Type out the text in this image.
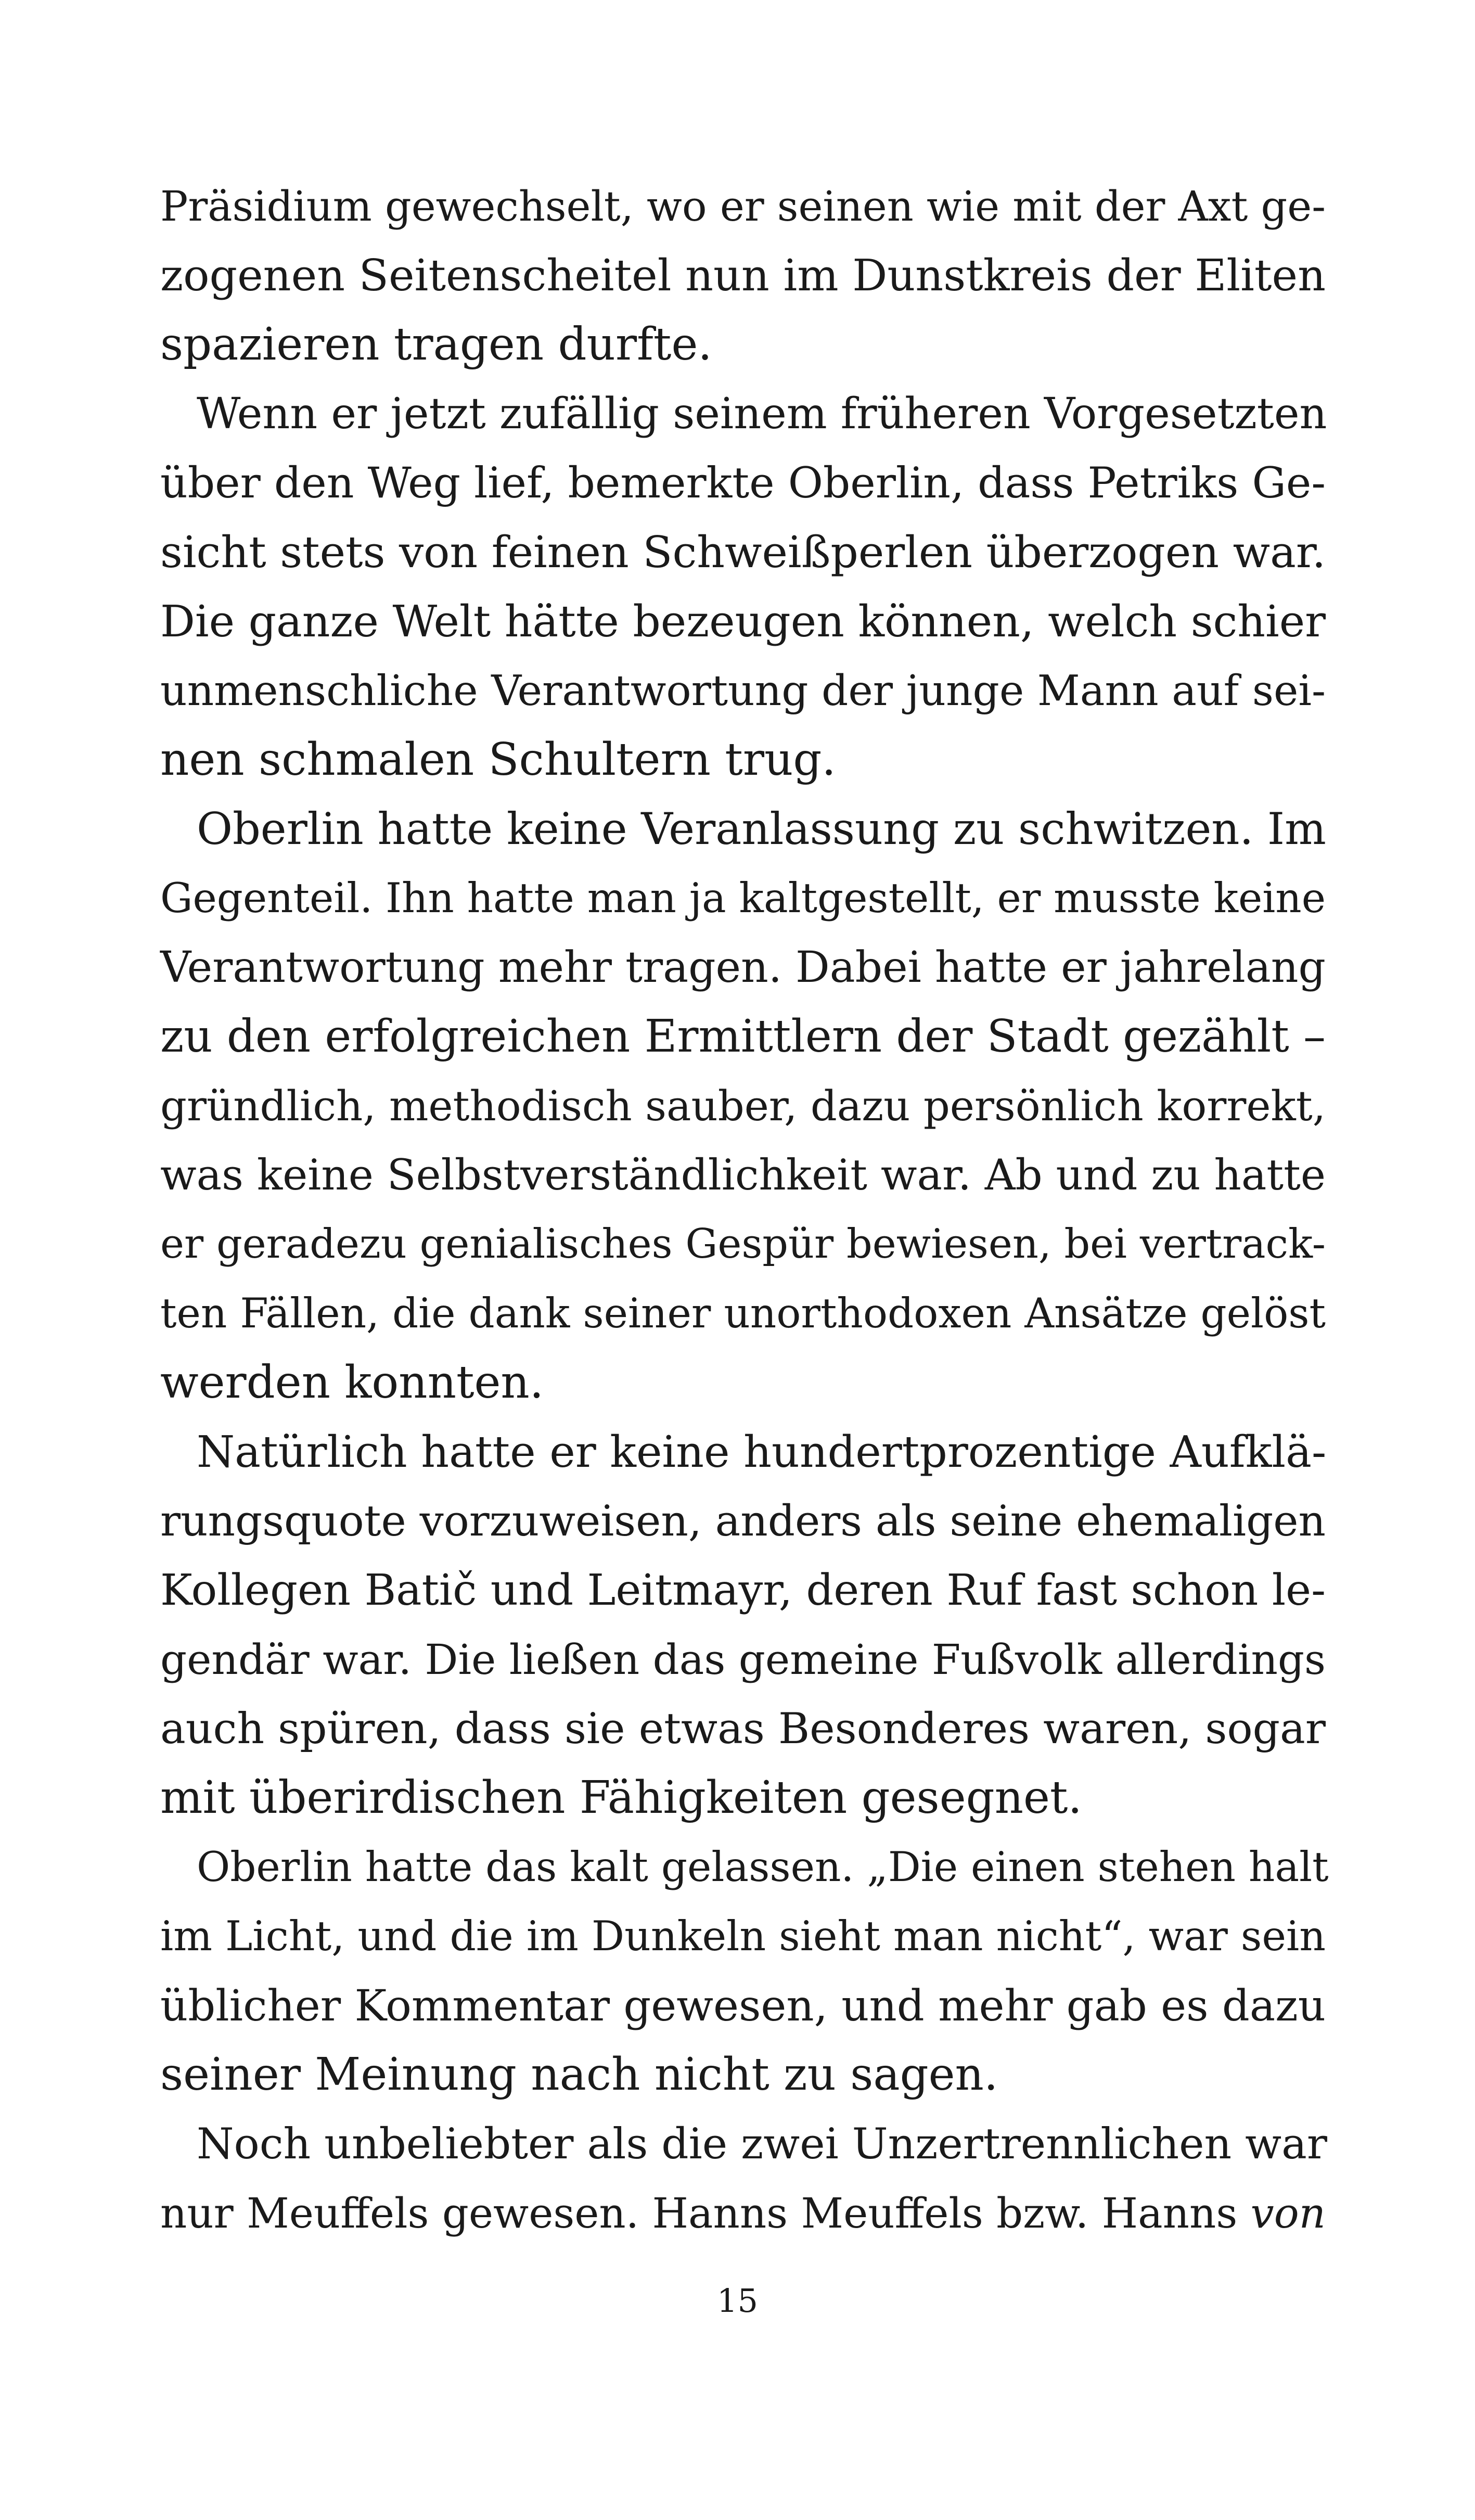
Präsidium gewechselt, wo er seinen wie mit der Axt ge-
zogenen Seitenscheitel nun im Dunstkreis der Eliten
spazieren tragen durfte.
Wenn er jetzt zufällig seinem früheren Vorgesetzten
über den Weg lief, bemerkte Oberlin, dass Petriks Ge-
sicht stets von feinen Schweißperlen überzogen war.
Die ganze Welt hätte bezeugen können, welch schier
unmenschliche Verantwortung der junge Mann auf sei-
nen schmalen Schultern trug.
Oberlin hatte keine Veranlassung zu schwitzen. Im
Gegenteil. Ihn hatte man ja kaltgestellt, er musste keine
Verantwortung mehr tragen. Dabei hatte er jahrelang
zu den erfolgreichen Ermittlern der Stadt gezählt –
gründlich, methodisch sauber, dazu persönlich korrekt,
was keine Selbstverständlichkeit war. Ab und zu hatte
er geradezu genialisches Gespür bewiesen, bei vertrack-
ten Fällen, die dank seiner unorthodoxen Ansätze gelöst
werden konnten.
Natürlich hatte er keine hundertprozentige Aufklä-
rungsquote vorzuweisen, anders als seine ehemaligen
Kollegen Batič und Leitmayr, deren Ruf fast schon le-
gendär war. Die ließen das gemeine Fußvolk allerdings
auch spüren, dass sie etwas Besonderes waren, sogar
mit überirdischen Fähigkeiten gesegnet.
Oberlin hatte das kalt gelassen. „Die einen stehen halt
im Licht, und die im Dunkeln sieht man nicht“, war sein
üblicher Kommentar gewesen, und mehr gab es dazu
seiner Meinung nach nicht zu sagen.
Noch unbeliebter als die zwei Unzertrennlichen war
nur Meuffels gewesen. Hanns Meuffels bzw. Hanns von
15
